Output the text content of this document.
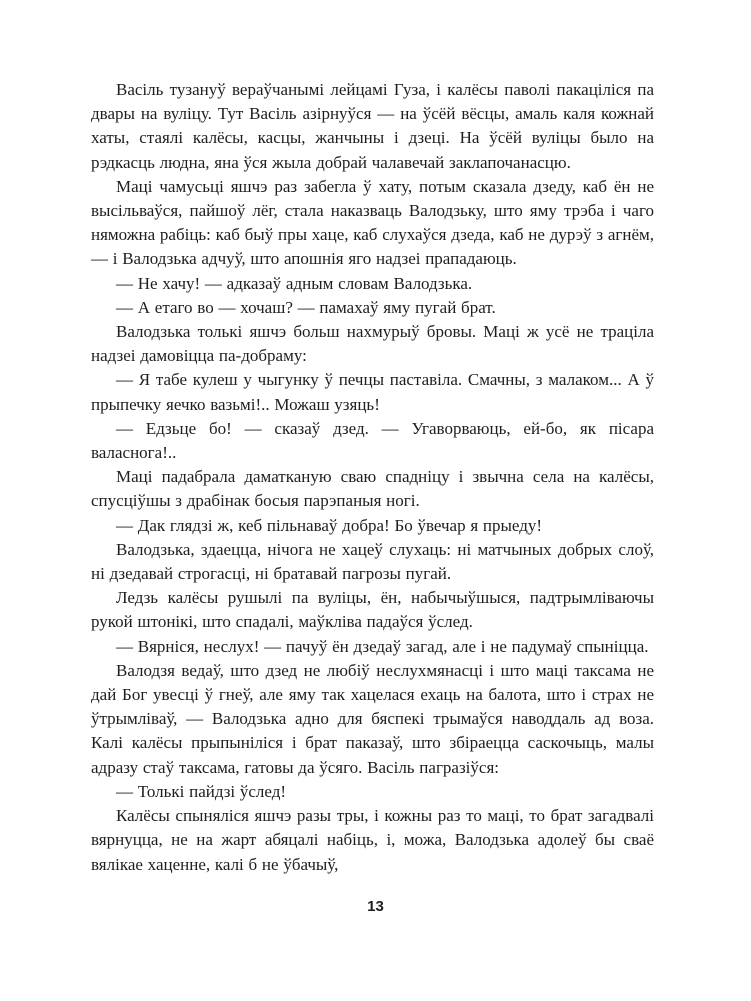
Васіль тузануў вераўчанымі лейцамі Гуза, і калёсы паволі пакаціліся па двары на вуліцу. Тут Васіль азірнуўся — на ўсёй вёсцы, амаль каля кожнай хаты, стаялі калёсы, касцы, жанчыны і дзеці. На ўсёй вуліцы было на рэдкасць людна, яна ўся жыла добрай чалавечай заклапочанасцю.

Маці чамусьці яшчэ раз забегла ў хату, потым сказала дзеду, каб ён не высільваўся, пайшоў лёг, стала наказваць Валодзьку, што яму трэба і чаго няможна рабіць: каб быў пры хаце, каб слухаўся дзеда, каб не дурэў з агнём, — і Валодзька адчуў, што апошнія яго надзеі прападаюць.

— Не хачу! — адказаў адным словам Валодзька.

— А етаго во — хочаш? — памахаў яму пугай брат.

Валодзька толькі яшчэ больш нахмурыў бровы. Маці ж усё не траціла надзеі дамовіцца па-добраму:

— Я табе кулеш у чыгунку ў печцы паставіла. Смачны, з малаком... А ў прыпечку яечко вазьмі!.. Можаш узяць!

— Едзьце бо! — сказаў дзед. — Угаворваюць, ей-бо, як пісара валаснога!..

Маці падабрала даматканую сваю спадніцу і звычна села на калёсы, спусціўшы з драбінак босыя парэпаныя ногі.

— Дак глядзі ж, кеб пільнаваў добра! Бо ўвечар я прыеду!

Валодзька, здаецца, нічога не хацеў слухаць: ні матчыных добрых слоў, ні дзедавай строгасці, ні братавай пагрозы пугай.

Ледзь калёсы рушылі па вуліцы, ён, набычыўшыся, падтрымліваючы рукой штонікі, што спадалі, маўкліва падаўся ўслед.

— Вярніся, неслух! — пачуў ён дзедаў загад, але і не падумаў спыніцца.

Валодзя ведаў, што дзед не любіў неслухмянасці і што маці таксама не дай Бог увесці ў гнеў, але яму так хацелася ехаць на балота, што і страх не ўтрымліваў, — Валодзька адно для бяспекі трымаўся наводдаль ад воза. Калі калёсы прыпыніліся і брат паказаў, што збіраецца саскочыць, малы адразу стаў таксама, гатовы да ўсяго. Васіль пагразіўся:

— Толькі пайдзі ўслед!

Калёсы спыняліся яшчэ разы тры, і кожны раз то маці, то брат загадвалі вярнуцца, не на жарт абяцалі набіць, і, можа, Валодзька адолеў бы сваё вялікае хаценне, калі б не ўбачыў,

13
